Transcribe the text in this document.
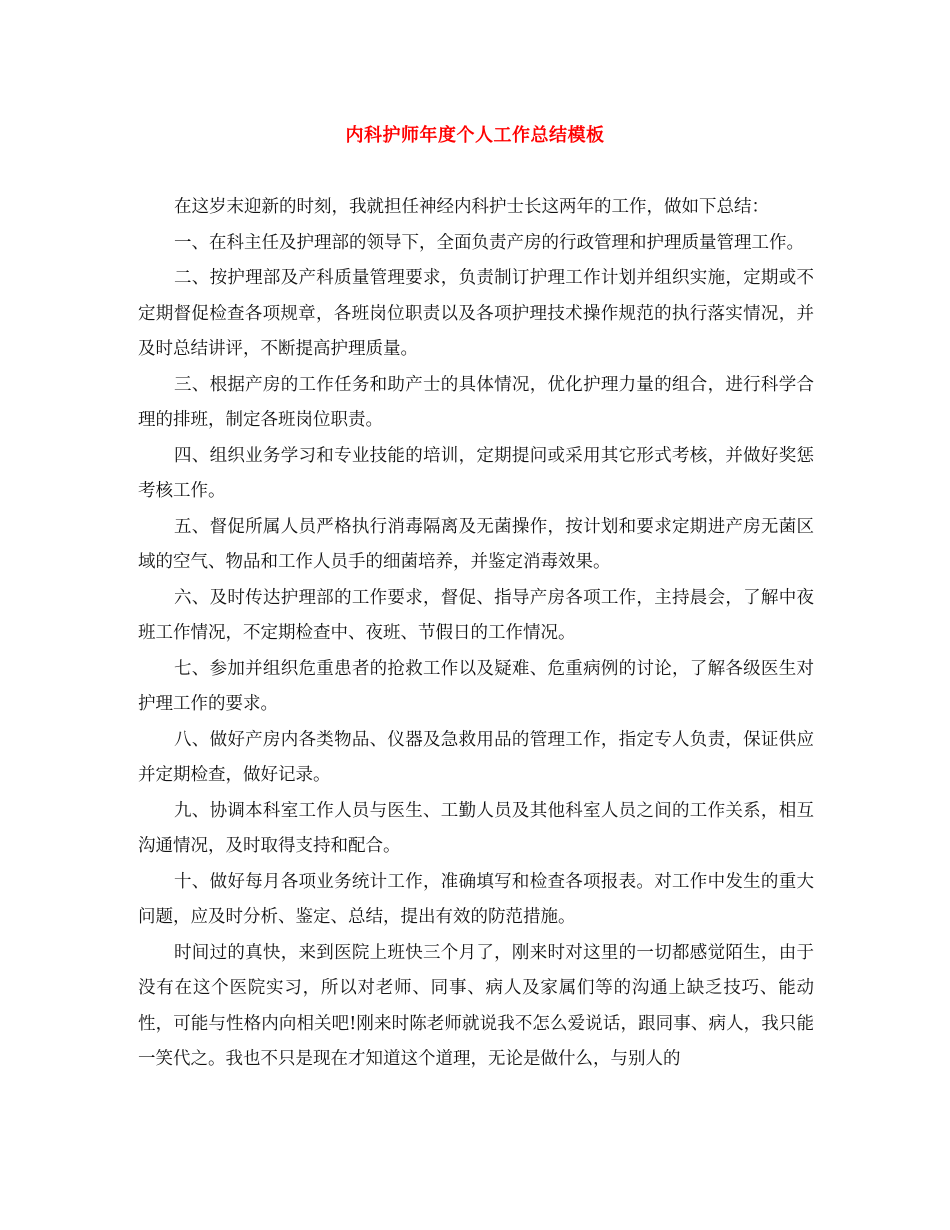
内科护师年度个人工作总结模板

在这岁末迎新的时刻，我就担任神经内科护士长这两年的工作，做如下总结：

一、在科主任及护理部的领导下，全面负责产房的行政管理和护理质量管理工作。

二、按护理部及产科质量管理要求，负责制订护理工作计划并组织实施，定期或不定期督促检查各项规章，各班岗位职责以及各项护理技术操作规范的执行落实情况，并及时总结讲评，不断提高护理质量。

三、根据产房的工作任务和助产士的具体情况，优化护理力量的组合，进行科学合理的排班，制定各班岗位职责。

四、组织业务学习和专业技能的培训，定期提问或采用其它形式考核，并做好奖惩考核工作。

五、督促所属人员严格执行消毒隔离及无菌操作，按计划和要求定期进产房无菌区域的空气、物品和工作人员手的细菌培养，并鉴定消毒效果。

六、及时传达护理部的工作要求，督促、指导产房各项工作，主持晨会，了解中夜班工作情况，不定期检查中、夜班、节假日的工作情况。

七、参加并组织危重患者的抢救工作以及疑难、危重病例的讨论，了解各级医生对护理工作的要求。

八、做好产房内各类物品、仪器及急救用品的管理工作，指定专人负责，保证供应并定期检查，做好记录。

九、协调本科室工作人员与医生、工勤人员及其他科室人员之间的工作关系，相互沟通情况，及时取得支持和配合。

十、做好每月各项业务统计工作，准确填写和检查各项报表。对工作中发生的重大问题，应及时分析、鉴定、总结，提出有效的防范措施。

时间过的真快，来到医院上班快三个月了，刚来时对这里的一切都感觉陌生，由于没有在这个医院实习，所以对老师、同事、病人及家属们等的沟通上缺乏技巧、能动性，可能与性格内向相关吧!刚来时陈老师就说我不怎么爱说话，跟同事、病人，我只能一笑代之。我也不只是现在才知道这个道理，无论是做什么，与别人的
